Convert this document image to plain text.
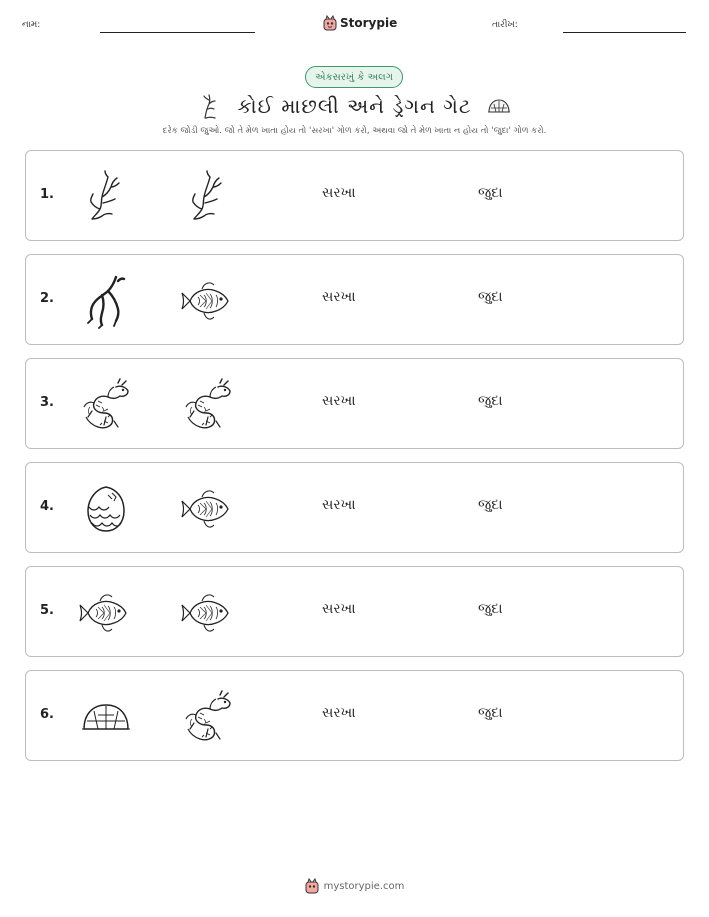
નામ:	Storypie	તારીખ:
એકસરખું કે અલગ
કોઈ માછલી અને ડ્રેગન ગેટ
દરેક જોડી જુઓ. જો તે મેળ ખાતા હોય તો 'સરખા' ગોળ કરો, અથવા જો તે મેળ ખાતા ન હોય તો 'જુદા' ગોળ કરો.
1.	સરખા	જુદા
2.	સરખા	જુદા
3.	સરખા	જુદા
4.	સરખા	જુદા
5.	સરખા	જુદા
6.	સરખા	જુદા
mystorypie.com
